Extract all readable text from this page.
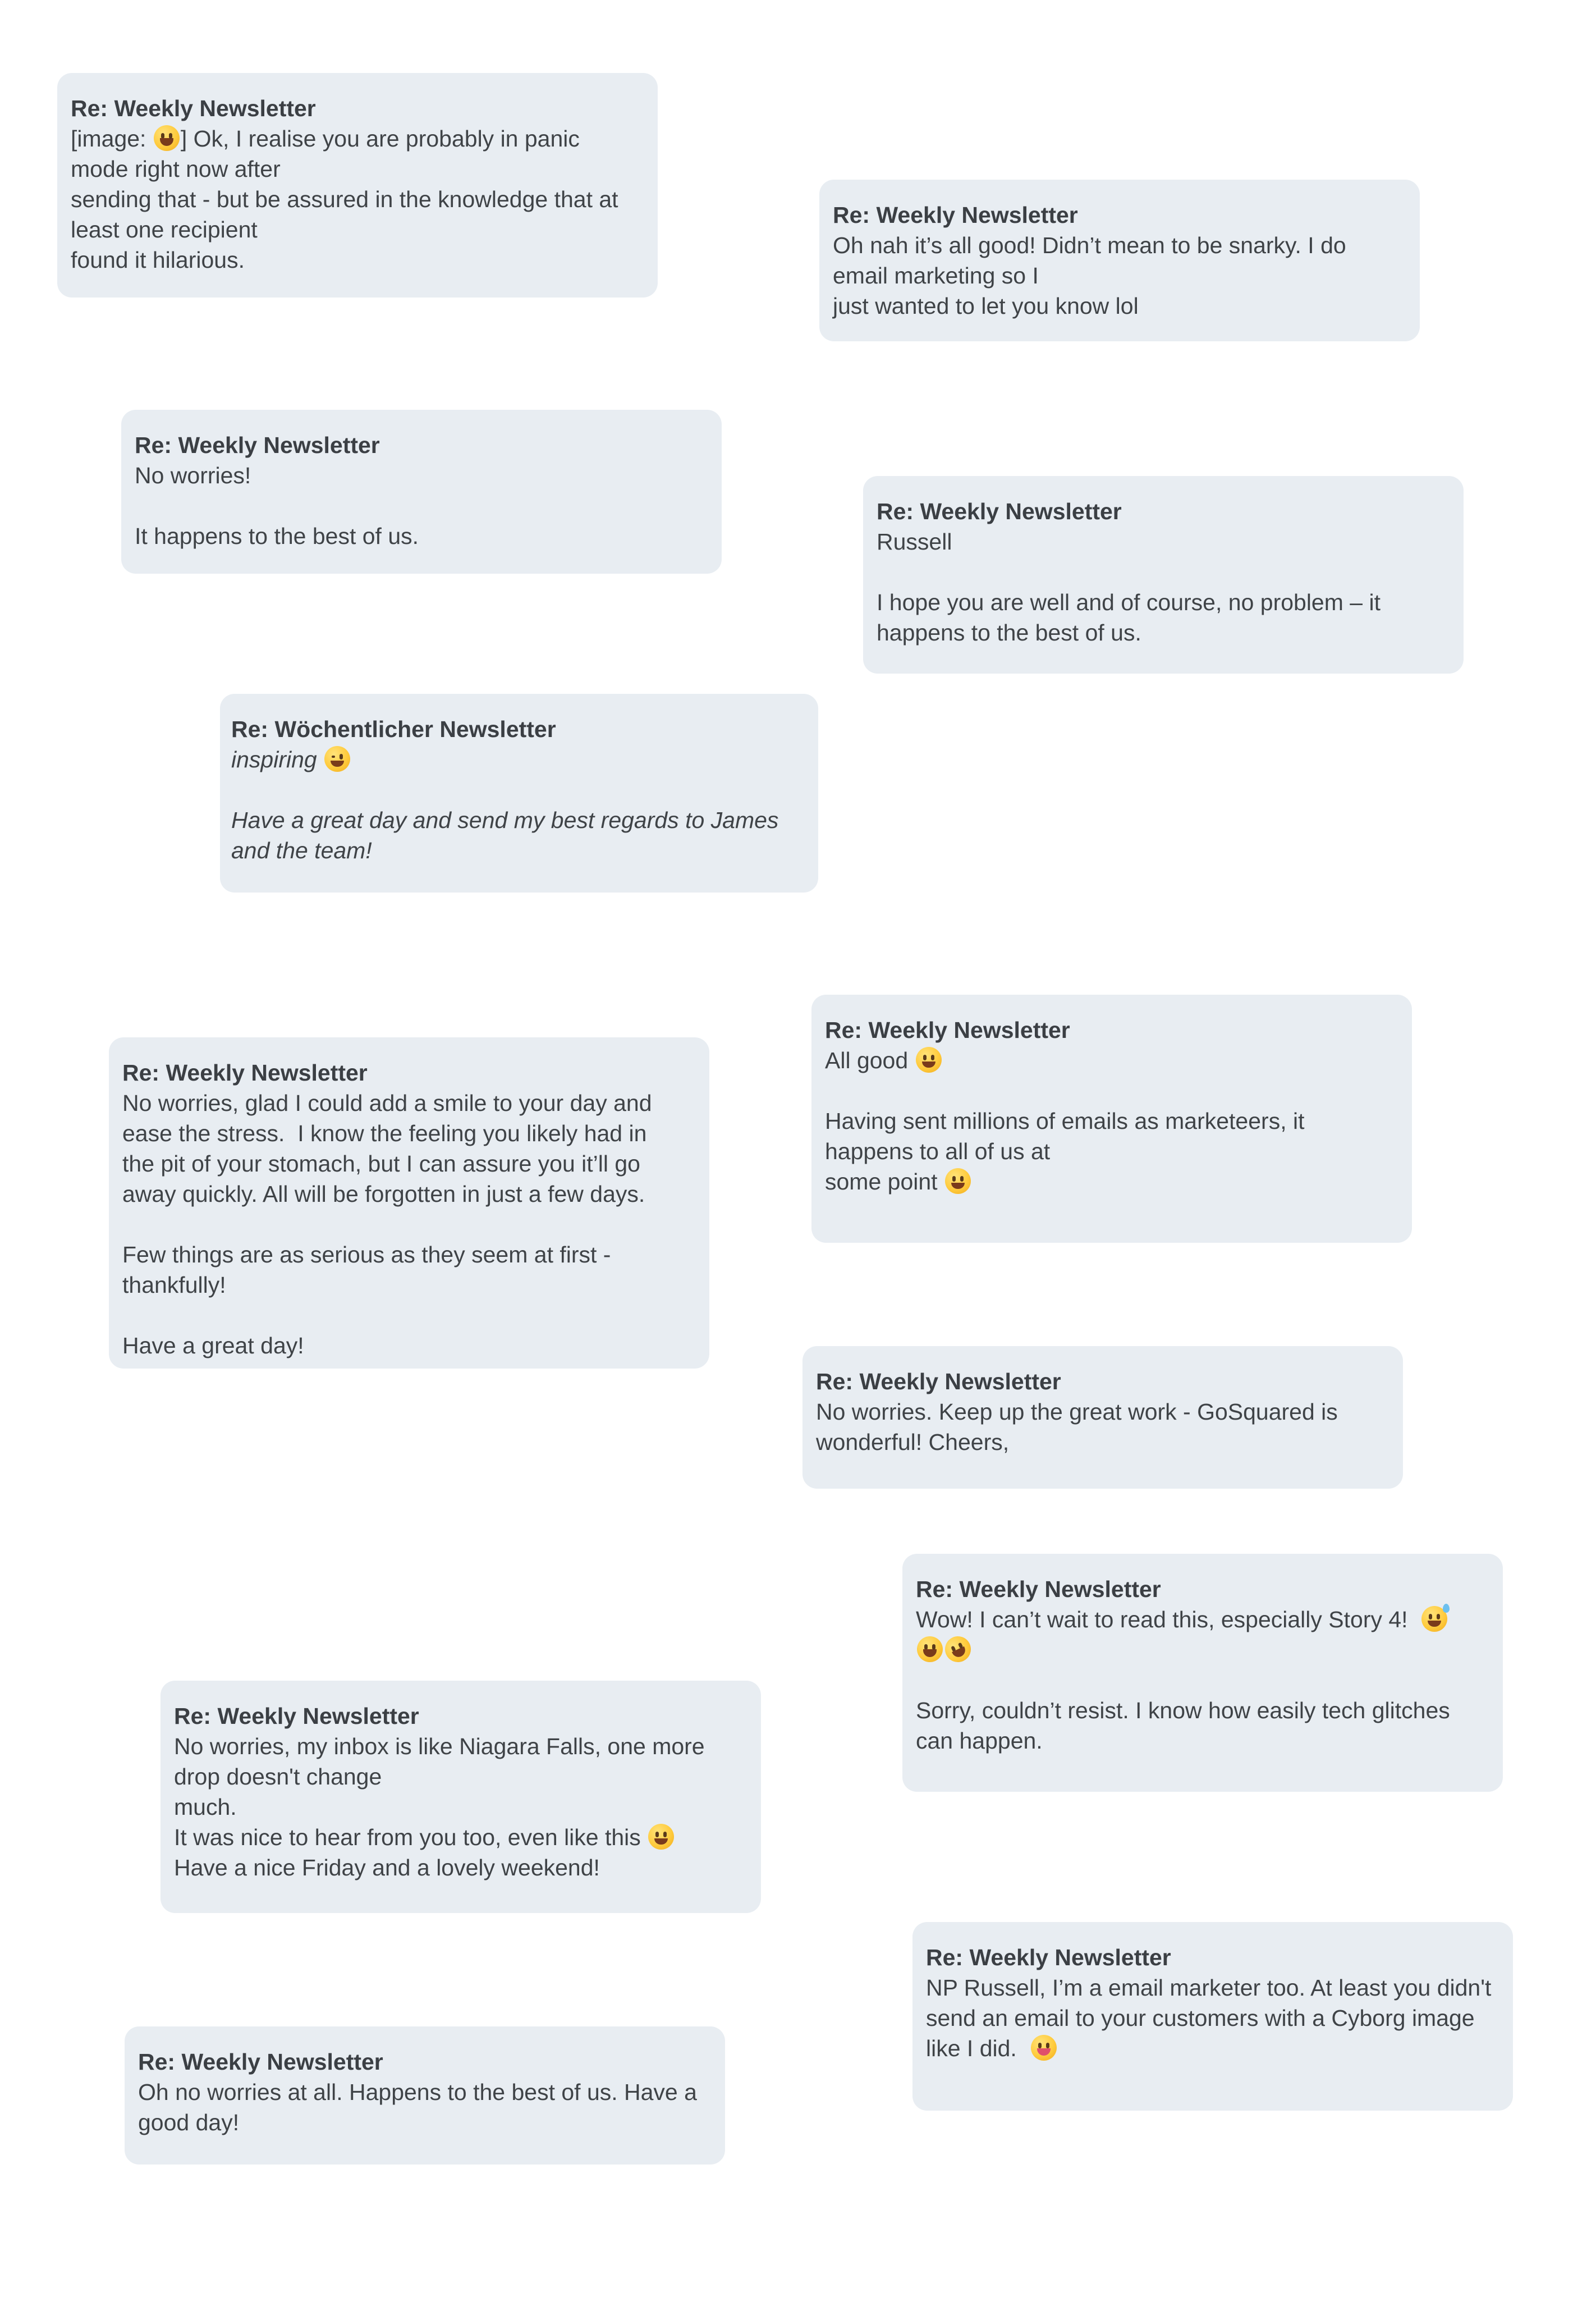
Re: Weekly Newsletter
[image: ] Ok, I realise you are probably in panic
mode right now after
sending that - but be assured in the knowledge that at
least one recipient
found it hilarious.
Re: Weekly Newsletter
Oh nah it’s all good! Didn’t mean to be snarky. I do
email marketing so I
just wanted to let you know lol
Re: Weekly Newsletter
No worries!
It happens to the best of us.
Re: Weekly Newsletter
Russell
I hope you are well and of course, no problem – it
happens to the best of us.
Re: Wöchentlicher Newsletter
inspiring
Have a great day and send my best regards to James
and the team!
Re: Weekly Newsletter
No worries, glad I could add a smile to your day and
ease the stress.  I know the feeling you likely had in
the pit of your stomach, but I can assure you it’ll go
away quickly. All will be forgotten in just a few days.
Few things are as serious as they seem at first -
thankfully!
Have a great day!
Re: Weekly Newsletter
All good
Having sent millions of emails as marketeers, it
happens to all of us at
some point
Re: Weekly Newsletter
No worries. Keep up the great work - GoSquared is
wonderful! Cheers,
Re: Weekly Newsletter
Wow! I can’t wait to read this, especially Story 4!
Sorry, couldn’t resist. I know how easily tech glitches
can happen.
Re: Weekly Newsletter
No worries, my inbox is like Niagara Falls, one more
drop doesn't change
much.
It was nice to hear from you too, even like this
Have a nice Friday and a lovely weekend!
Re: Weekly Newsletter
NP Russell, I’m a email marketer too. At least you didn't
send an email to your customers with a Cyborg image
like I did.
Re: Weekly Newsletter
Oh no worries at all. Happens to the best of us. Have a
good day!
